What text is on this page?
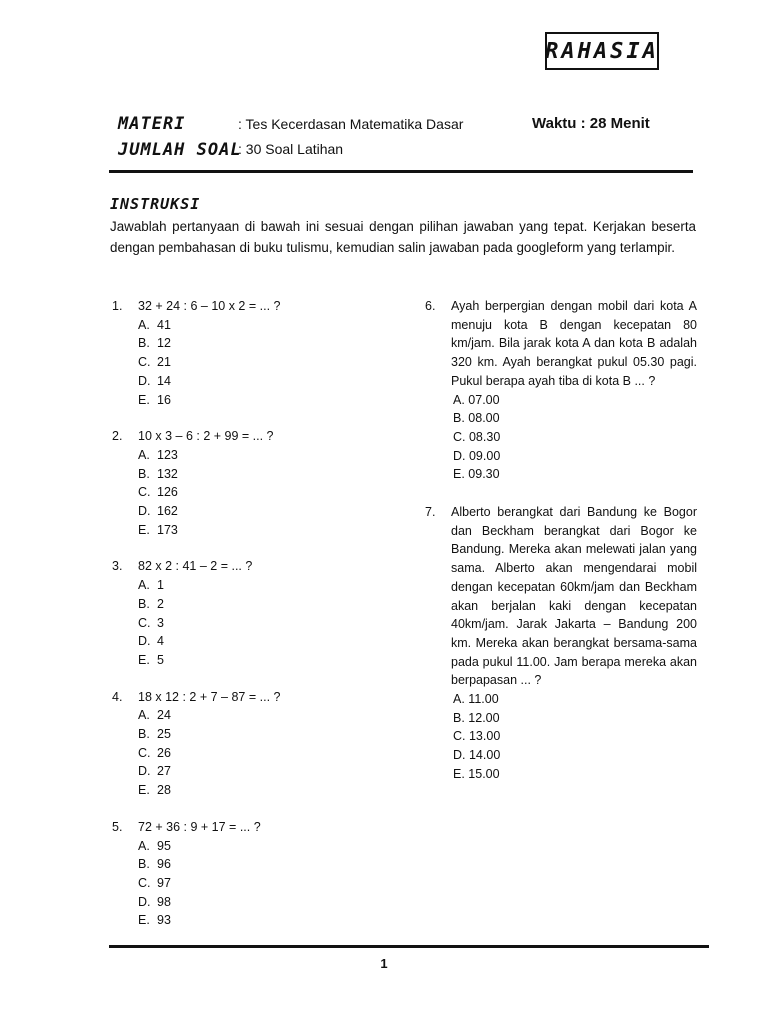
RAHASIA
MATERI	: Tes Kecerdasan Matematika Dasar
JUMLAH SOAL
: 30 Soal Latihan
Waktu : 28 Menit
INSTRUKSI

Jawablah pertanyaan di bawah ini sesuai dengan pilihan jawaban yang tepat. Kerjakan beserta dengan pembahasan di buku tulismu, kemudian salin jawaban pada googleform yang terlampir.

1.	32 + 24 : 6 – 10 x 2 = ... ?
A. 41
B. 12
C. 21
D. 14
E. 16
2.	10 x 3 – 6 : 2 + 99 = ... ?
A. 123
B. 132
C. 126
D. 162
E. 173
3.	82 x 2 : 41 – 2 = ... ?
A. 1
B. 2
C. 3
D. 4
E. 5
4.	18 x 12 : 2 + 7 – 87 = ... ?
A. 24
B. 25
C. 26
D. 27
E. 28
5.	72 + 36 : 9 + 17 = ... ?
A. 95
B. 96
C. 97
D. 98
E. 93
6.	Ayah berpergian dengan mobil dari kota A menuju kota B dengan kecepatan 80 km/jam. Bila jarak kota A dan kota B adalah 320 km. Ayah berangkat pukul 05.30 pagi. Pukul berapa ayah tiba di kota B ... ?
A.
07.00
B.
08.00
C.
08.30
D.
09.00
E.
09.30
7.	Alberto berangkat dari Bandung ke Bogor dan Beckham berangkat dari Bogor ke Bandung. Mereka akan melewati jalan yang sama. Alberto akan mengendarai mobil dengan kecepatan 60km/jam dan Beckham akan berjalan kaki dengan kecepatan 40km/jam. Jarak Jakarta – Bandung 200 km. Mereka akan berangkat bersama-sama pada pukul 11.00. Jam berapa mereka akan berpapasan ... ?
A.
11.00
B.
12.00
C.
13.00
D.
14.00
E.
15.00
1
